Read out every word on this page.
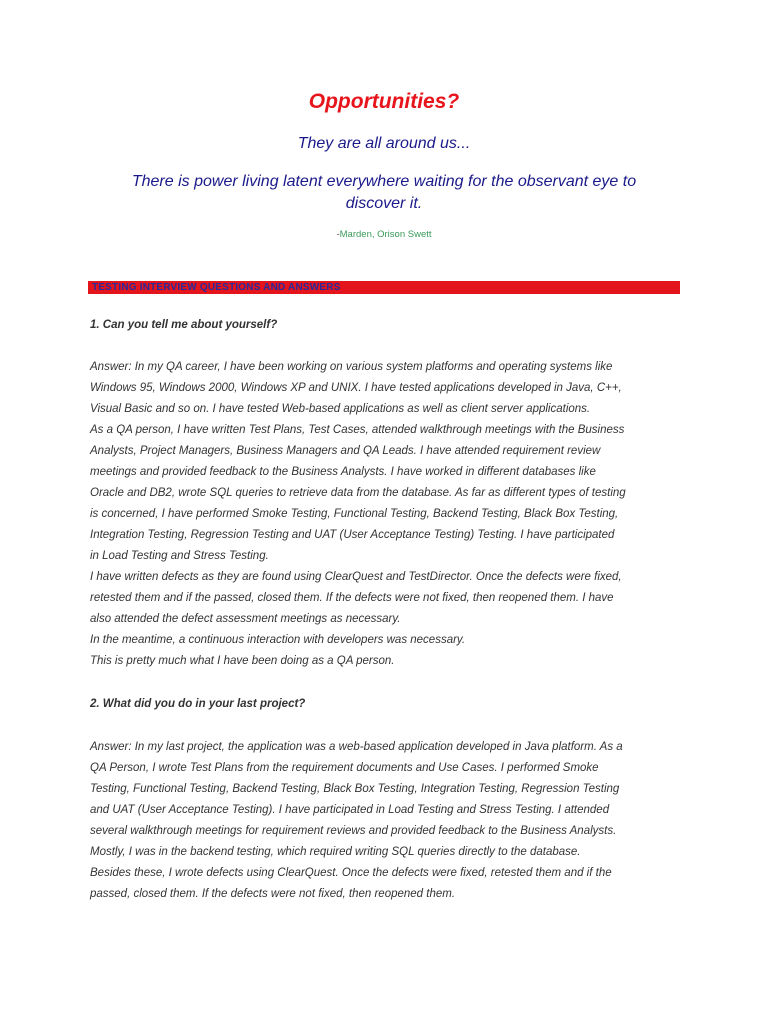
Opportunities?
They are all around us...
There is power living latent everywhere waiting for the observant eye to
discover it.
-Marden, Orison Swett
TESTING INTERVIEW QUESTIONS AND ANSWERS
1. Can you tell me about yourself?
Answer: In my QA career, I have been working on various system platforms and operating systems like
Windows 95, Windows 2000, Windows XP and UNIX. I have tested applications developed in Java, C++,
Visual Basic and so on. I have tested Web-based applications as well as client server applications.
As a QA person, I have written Test Plans, Test Cases, attended walkthrough meetings with the Business
Analysts, Project Managers, Business Managers and QA Leads. I have attended requirement review
meetings and provided feedback to the Business Analysts. I have worked in different databases like
Oracle and DB2, wrote SQL queries to retrieve data from the database. As far as different types of testing
is concerned, I have performed Smoke Testing, Functional Testing, Backend Testing, Black Box Testing,
Integration Testing, Regression Testing and UAT (User Acceptance Testing) Testing. I have participated
in Load Testing and Stress Testing.
I have written defects as they are found using ClearQuest and TestDirector. Once the defects were fixed,
retested them and if the passed, closed them. If the defects were not fixed, then reopened them. I have
also attended the defect assessment meetings as necessary.
In the meantime, a continuous interaction with developers was necessary.
This is pretty much what I have been doing as a QA person.
2. What did you do in your last project?
Answer: In my last project, the application was a web-based application developed in Java platform. As a
QA Person, I wrote Test Plans from the requirement documents and Use Cases. I performed Smoke
Testing, Functional Testing, Backend Testing, Black Box Testing, Integration Testing, Regression Testing
and UAT (User Acceptance Testing). I have participated in Load Testing and Stress Testing. I attended
several walkthrough meetings for requirement reviews and provided feedback to the Business Analysts.
Mostly, I was in the backend testing, which required writing SQL queries directly to the database.
Besides these, I wrote defects using ClearQuest. Once the defects were fixed, retested them and if the
passed, closed them. If the defects were not fixed, then reopened them.
